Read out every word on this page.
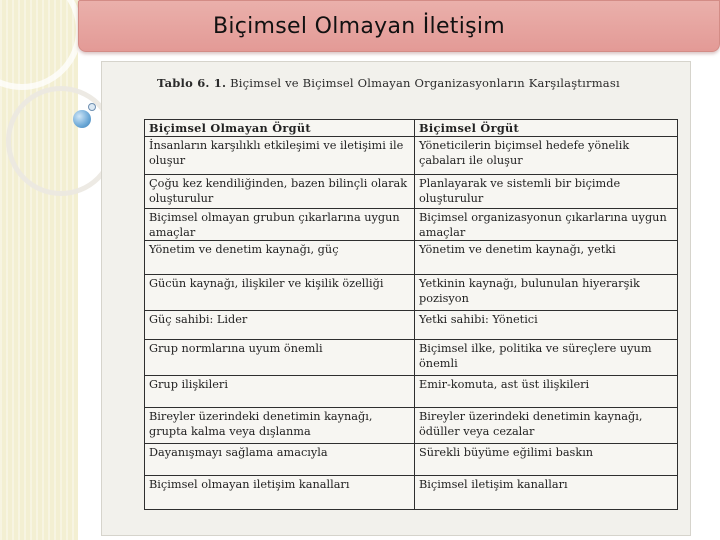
Biçimsel Olmayan İletişim
Tablo 6. 1. Biçimsel ve Biçimsel Olmayan Organizasyonların Karşılaştırması
Biçimsel Olmayan Örgüt	Biçimsel Örgüt
İnsanların karşılıklı etkileşimi ve iletişimi ile oluşur	Yöneticilerin biçimsel hedefe yönelik çabaları ile oluşur
Çoğu kez kendiliğinden, bazen bilinçli olarak oluşturulur	Planlayarak ve sistemli bir biçimde oluşturulur
Biçimsel olmayan grubun çıkarlarına uygun amaçlar	Biçimsel organizasyonun çıkarlarına uygun amaçlar
Yönetim ve denetim kaynağı, güç	Yönetim ve denetim kaynağı, yetki
Gücün kaynağı, ilişkiler ve kişilik özelliği	Yetkinin kaynağı, bulunulan hiyerarşik pozisyon
Güç sahibi: Lider	Yetki sahibi: Yönetici
Grup normlarına uyum önemli	Biçimsel ilke, politika ve süreçlere uyum önemli
Grup ilişkileri	Emir-komuta, ast üst ilişkileri
Bireyler üzerindeki denetimin kaynağı, grupta kalma veya dışlanma	Bireyler üzerindeki denetimin kaynağı, ödüller veya cezalar
Dayanışmayı sağlama amacıyla	Sürekli büyüme eğilimi baskın
Biçimsel olmayan iletişim kanalları	Biçimsel iletişim kanalları
